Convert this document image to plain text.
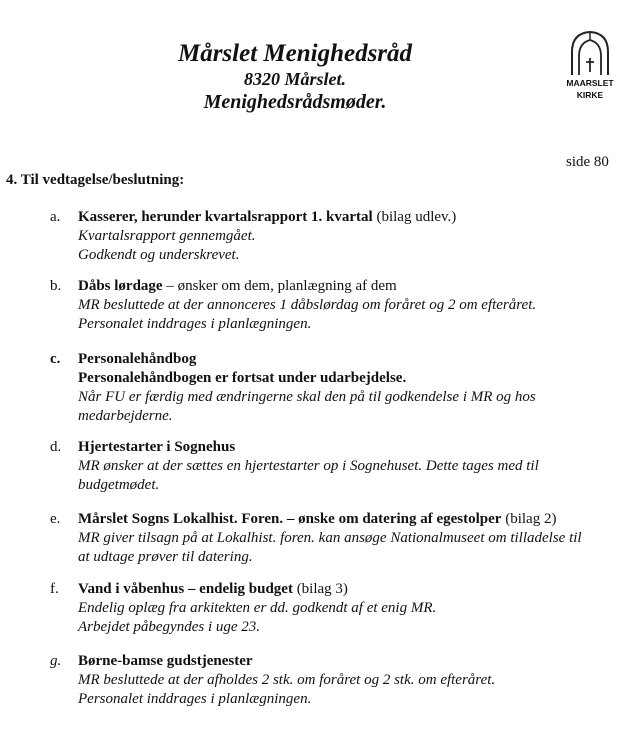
Mårslet Menighedsråd
8320 Mårslet.
Menighedsrådsmøder.
MAARSLET
KIRKE
side 80
4. Til vedtagelse/beslutning:
a.	Kasserer, herunder kvartalsrapport 1. kvartal (bilag udlev.)
Kvartalsrapport gennemgået.
Godkendt og underskrevet.
b.	Dåbs lørdage – ønsker om dem, planlægning af dem
MR besluttede at der annonceres 1 dåbslørdag om foråret og 2 om efteråret.
Personalet inddrages i planlægningen.
c.	Personalehåndbog
Personalehåndbogen er fortsat under udarbejdelse.
Når FU er færdig med ændringerne skal den på til godkendelse i MR og hos
medarbejderne.
d.	Hjertestarter i Sognehus
MR ønsker at der sættes en hjertestarter op i Sognehuset. Dette tages med til
budgetmødet.
e.	Mårslet Sogns Lokalhist. Foren. – ønske om datering af egestolper (bilag 2)
MR giver tilsagn på at Lokalhist. foren. kan ansøge Nationalmuseet om tilladelse til
at udtage prøver til datering.
f.	Vand i våbenhus – endelig budget (bilag 3)
Endelig oplæg fra arkitekten er dd. godkendt af et enig MR.
Arbejdet påbegyndes i uge 23.
g.	Børne-bamse gudstjenester
MR besluttede at der afholdes 2 stk. om foråret og 2 stk. om efteråret.
Personalet inddrages i planlægningen.
